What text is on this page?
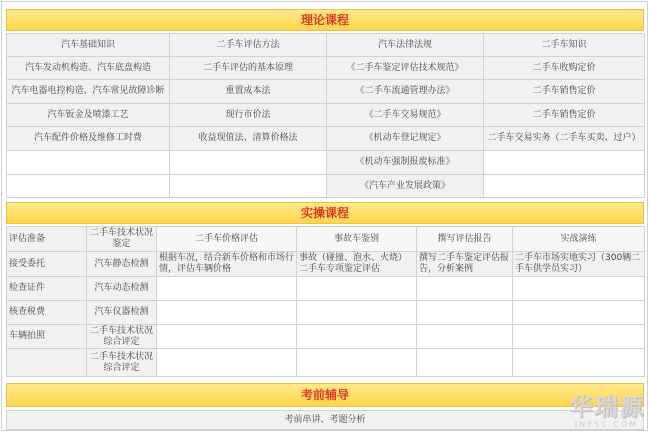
理论课程
汽车基础知识	二手车评估方法	汽车法律法规	二手车知识
汽车发动机构造、汽车底盘构造	二手车评估的基本原理	《二手车鉴定评估技术规范》	二手车收购定价
汽车电器电控构造、汽车常见故障诊断	重置成本法	《二手车流通管理办法》	二手车销售定价
汽车钣金及喷漆工艺	现行市价法	《二手车交易规范》	二手车销售定价
汽车配件价格及维修工时费	收益现值法、清算价格法	《机动车登记规定》	二手车交易实务（二手车买卖、过户）
		《机动车强制报废标准》	
		《汽车产业发展政策》	
实操课程
评估准备	二手车技术状况鉴定	二手车价格评估	事故车鉴别	撰写评估报告	实战演练
接受委托	汽车静态检测	根据车况，结合新车价格和市场行情，评估车辆价格	事故（碰撞、泡水、火烧）二手车专项鉴定评估	撰写二手车鉴定评估报告，分析案例	二手车市场实地实习（300辆二手车供学员实习）
检查证件	汽车动态检测				
核查税费	汽车仪器检测				
车辆拍照	二手车技术状况综合评定				
	二手车技术状况综合评定				
考前辅导
考前串讲、考题分析	华瑞源
JNESC.COM
